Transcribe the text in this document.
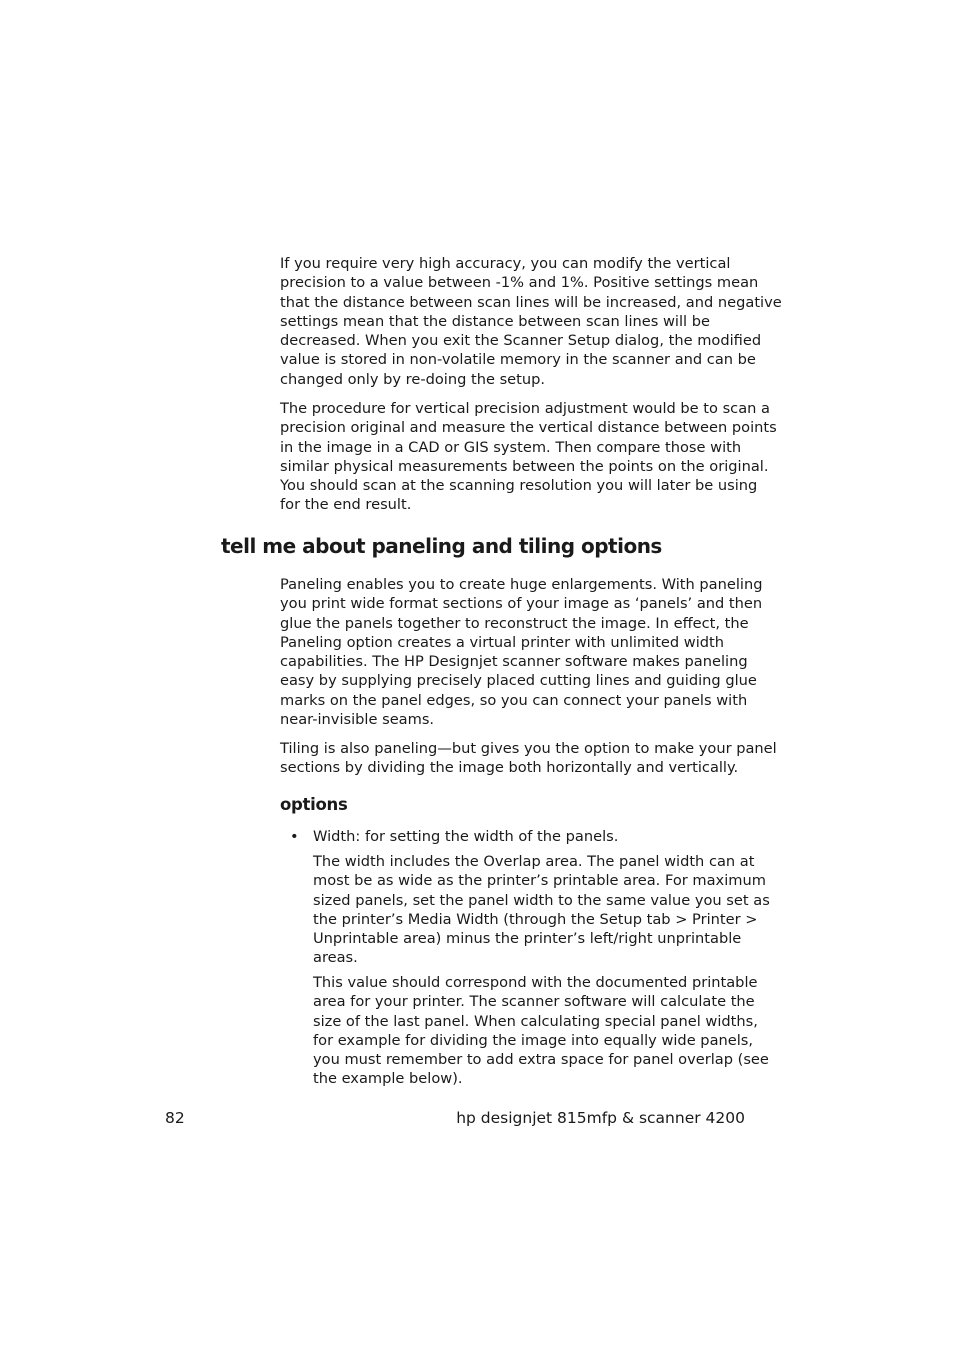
If you require very high accuracy, you can modify the vertical
precision to a value between -1% and 1%. Positive settings mean
that the distance between scan lines will be increased, and negative
settings mean that the distance between scan lines will be
decreased. When you exit the Scanner Setup dialog, the modified
value is stored in non-volatile memory in the scanner and can be
changed only by re-doing the setup.

The procedure for vertical precision adjustment would be to scan a
precision original and measure the vertical distance between points
in the image in a CAD or GIS system. Then compare those with
similar physical measurements between the points on the original.
You should scan at the scanning resolution you will later be using
for the end result.

tell me about paneling and tiling options

Paneling enables you to create huge enlargements. With paneling
you print wide format sections of your image as ‘panels’ and then
glue the panels together to reconstruct the image. In effect, the
Paneling option creates a virtual printer with unlimited width
capabilities. The HP Designjet scanner software makes paneling
easy by supplying precisely placed cutting lines and guiding glue
marks on the panel edges, so you can connect your panels with
near-invisible seams.

Tiling is also paneling—but gives you the option to make your panel
sections by dividing the image both horizontally and vertically.

options
• Width: for setting the width of the panels.

The width includes the Overlap area. The panel width can at
most be as wide as the printer’s printable area. For maximum
sized panels, set the panel width to the same value you set as
the printer’s Media Width (through the Setup tab > Printer >
Unprintable area) minus the printer’s left/right unprintable
areas.

This value should correspond with the documented printable
area for your printer. The scanner software will calculate the
size of the last panel. When calculating special panel widths,
for example for dividing the image into equally wide panels,
you must remember to add extra space for panel overlap (see
the example below).

82	hp designjet 815mfp & scanner 4200
